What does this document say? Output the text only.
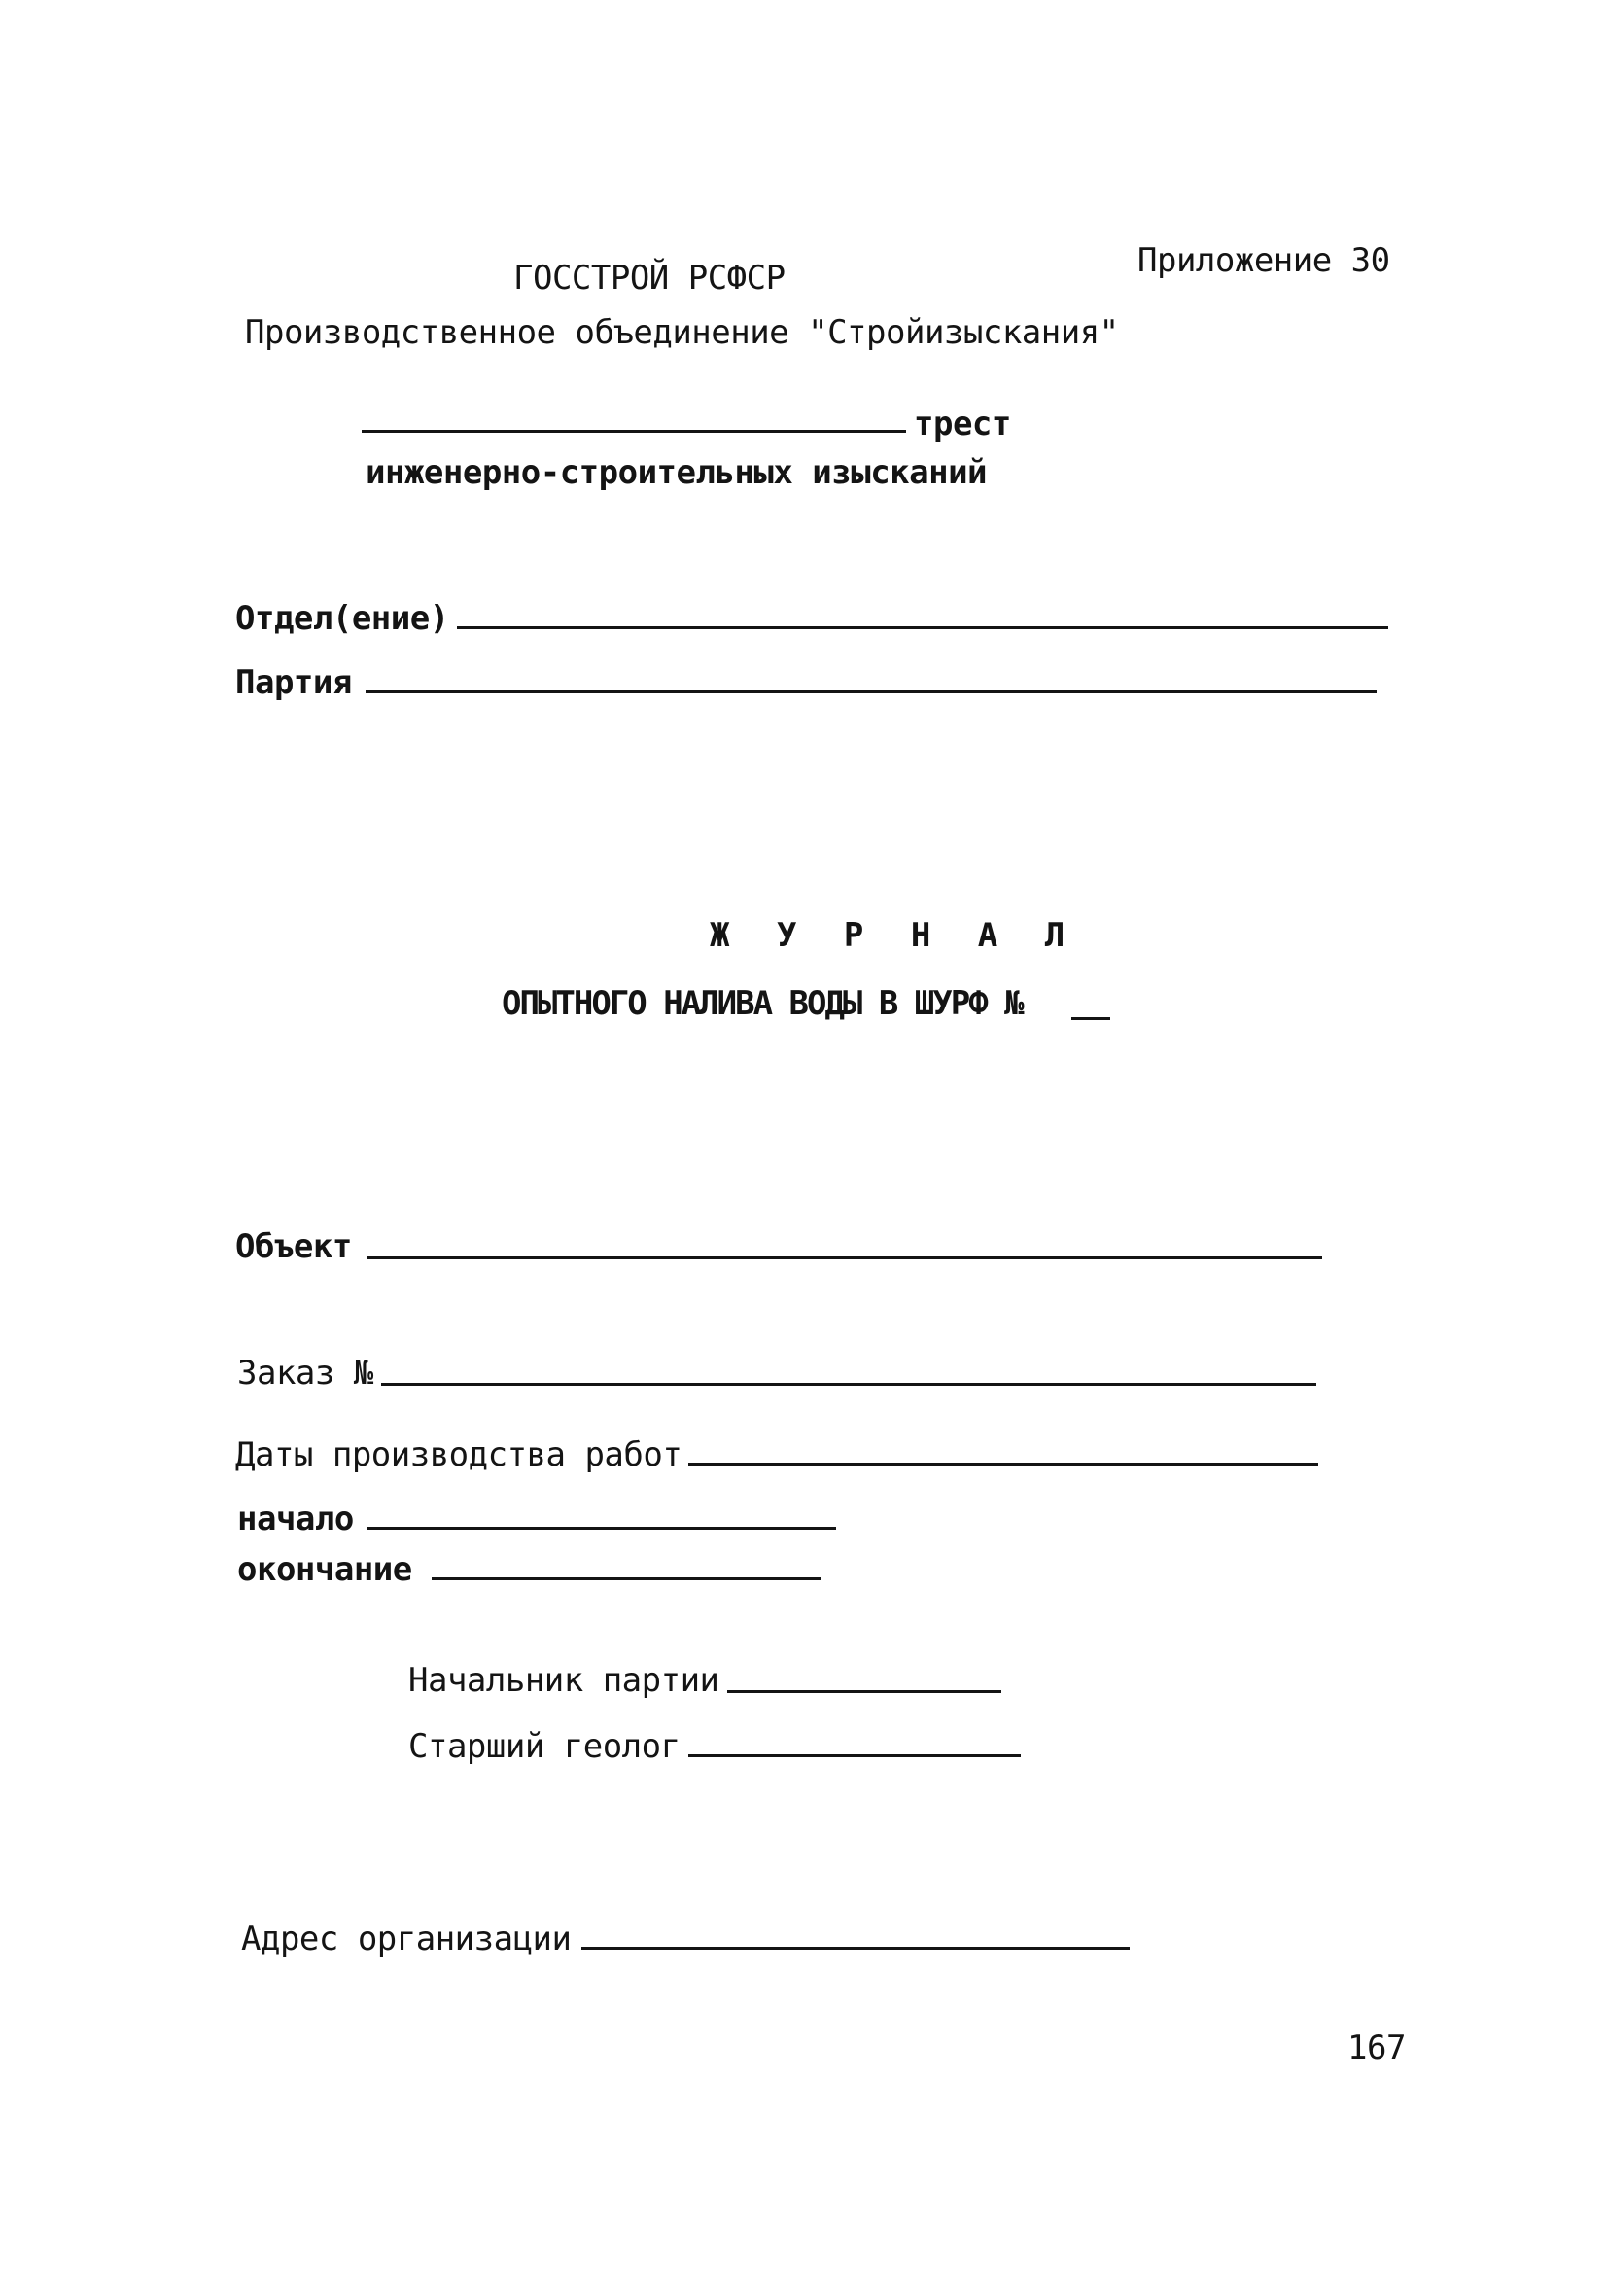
Приложение 30
ГОССТРОЙ РСФСР
Производственное объединение "Стройизыскания"
трест
инженерно-строительных изысканий
Отдел(ение)
Партия
Ж У Р Н А Л
ОПЫТНОГО НАЛИВА ВОДЫ В ШУРФ №
Объект
Заказ №
Даты производства работ
начало
окончание
Начальник партии
Старший геолог
Адрес организации
167
